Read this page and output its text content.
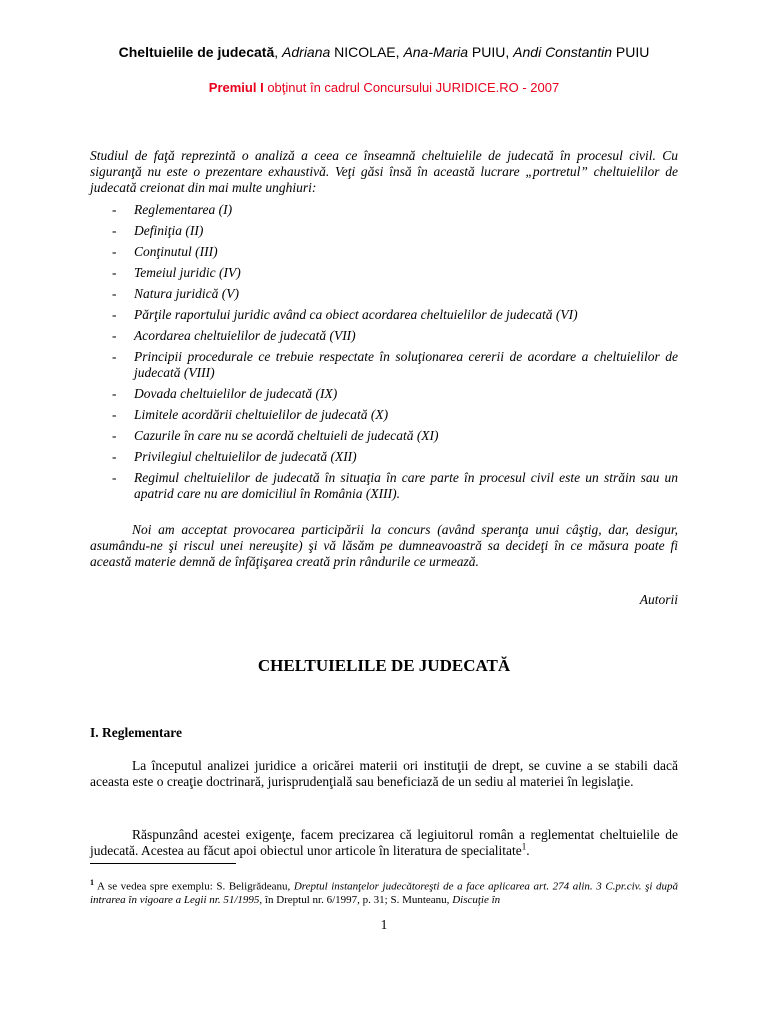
Cheltuielile de judecată, Adriana NICOLAE, Ana-Maria PUIU, Andi Constantin PUIU
Premiul I obţinut în cadrul Concursului JURIDICE.RO - 2007

Studiul de faţă reprezintă o analiză a ceea ce înseamnă cheltuielile de judecată în procesul civil. Cu siguranţă nu este o prezentare exhaustivă. Veţi găsi însă în această lucrare „portretul” cheltuielilor de judecată creionat din mai multe unghiuri:

- Reglementarea (I)
- Definiţia (II)
- Conţinutul (III)
- Temeiul juridic (IV)
- Natura juridică (V)
- Părţile raportului juridic având ca obiect acordarea cheltuielilor de judecată (VI)
- Acordarea cheltuielilor de judecată (VII)
- Principii procedurale ce trebuie respectate în soluţionarea cererii de acordare a cheltuielilor de judecată (VIII)
- Dovada cheltuielilor de judecată (IX)
- Limitele acordării cheltuielilor de judecată (X)
- Cazurile în care nu se acordă cheltuieli de judecată (XI)
- Privilegiul cheltuielilor de judecată (XII)
- Regimul cheltuielilor de judecată în situaţia în care parte în procesul civil este un străin sau un apatrid care nu are domiciliul în România (XIII).

Noi am acceptat provocarea participării la concurs (având speranţa unui câştig, dar, desigur, asumându-ne şi riscul unei nereuşite) şi vă lăsăm pe dumneavoastră sa decideţi în ce măsura poate fi această materie demnă de înfăţişarea creată prin rândurile ce urmează.

Autorii
CHELTUIELILE DE JUDECATĂ
I. Reglementare

La începutul analizei juridice a oricărei materii ori instituţii de drept, se cuvine a se stabili dacă aceasta este o creaţie doctrinară, jurisprudenţială sau beneficiază de un sediu al materiei în legislaţie.

Răspunzând acestei exigenţe, facem precizarea că legiuitorul român a reglementat cheltuielile de judecată. Acestea au făcut apoi obiectul unor articole în literatura de specialitate$^1$.

$^1$ A se vedea spre exemplu: S. Beligrădeanu, Dreptul instanţelor judecătoreşti de a face aplicarea art. 274 alin. 3 C.pr.civ. şi după intrarea în vigoare a Legii nr. 51/1995, în Dreptul nr. 6/1997, p. 31; S. Munteanu, Discuţie în
1
